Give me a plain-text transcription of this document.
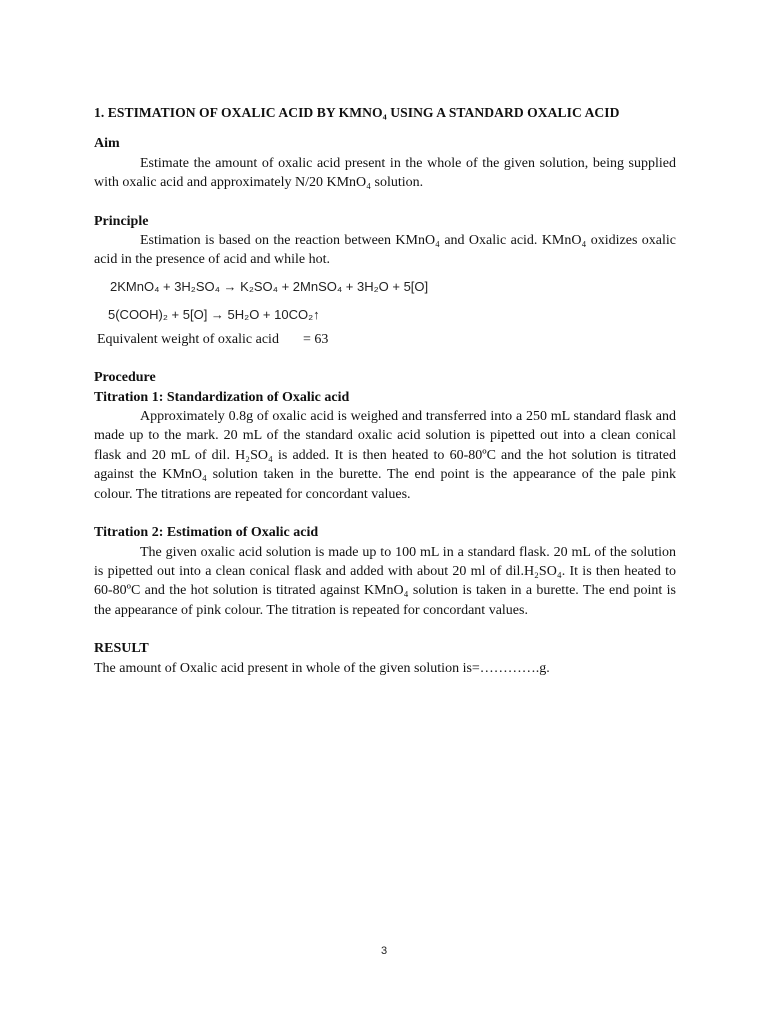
1. ESTIMATION OF OXALIC ACID BY KMNO₄ USING A STANDARD OXALIC ACID

Aim

Estimate the amount of oxalic acid present in the whole of the given solution, being supplied with oxalic acid and approximately N/20 KMnO₄ solution.

Principle

Estimation is based on the reaction between KMnO₄ and Oxalic acid. KMnO₄ oxidizes oxalic acid in the presence of acid and while hot.

2KMnO₄ + 3H₂SO₄ → K₂SO₄ + 2MnSO₄ + 3H₂O + 5[O]

5(COOH)₂ + 5[O] → 5H₂O + 10CO₂↑

Equivalent weight of oxalic acid = 63

Procedure

Titration 1: Standardization of Oxalic acid

Approximately 0.8g of oxalic acid is weighed and transferred into a 250 mL standard flask and made up to the mark. 20 mL of the standard oxalic acid solution is pipetted out into a clean conical flask and 20 mL of dil. H₂SO₄ is added. It is then heated to 60-80ºC and the hot solution is titrated against the KMnO₄ solution taken in the burette. The end point is the appearance of the pale pink colour. The titrations are repeated for concordant values.

Titration 2: Estimation of Oxalic acid

The given oxalic acid solution is made up to 100 mL in a standard flask. 20 mL of the solution is pipetted out into a clean conical flask and added with about 20 ml of dil.H₂SO₄. It is then heated to 60-80ºC and the hot solution is titrated against KMnO₄ solution is taken in a burette. The end point is the appearance of pink colour. The titration is repeated for concordant values.

RESULT

The amount of Oxalic acid present in whole of the given solution is=………….g.

3
